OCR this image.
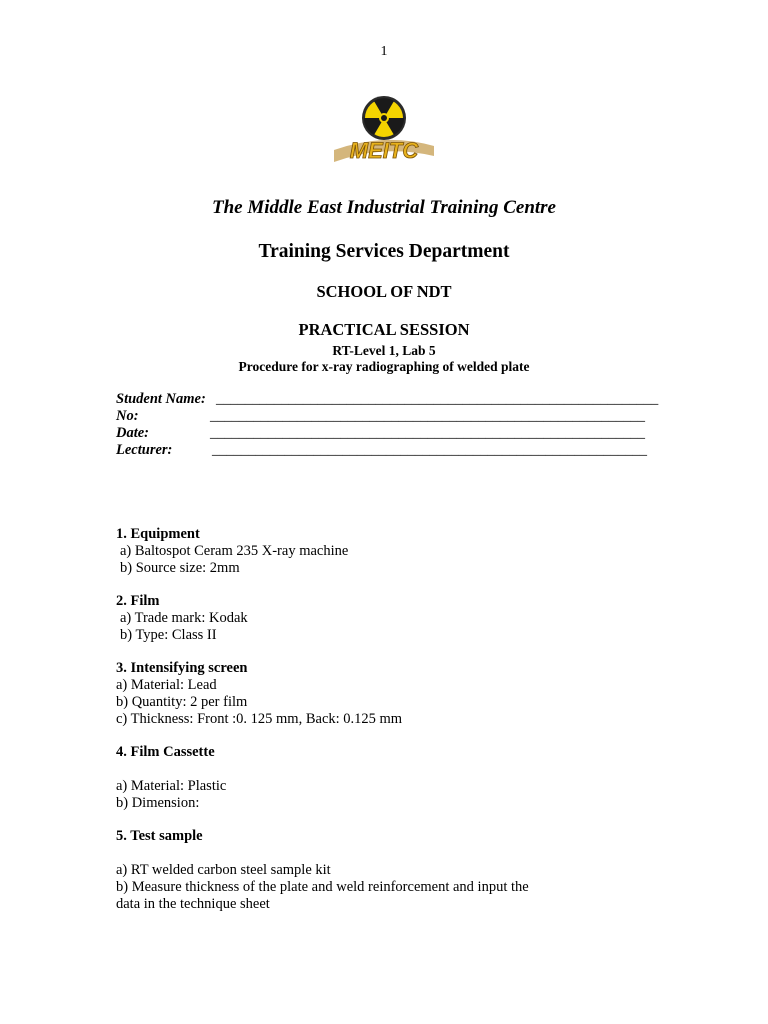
1
MEITC
The Middle East Industrial Training Centre
Training Services Department
SCHOOL OF NDT
PRACTICAL SESSION
RT-Level 1, Lab 5
Procedure for x-ray radiographing of welded plate
Student Name: _____________________________________________________________
No:	____________________________________________________________
Date:	____________________________________________________________
Lecturer:	____________________________________________________________
1. Equipment
a) Baltospot Ceram 235 X-ray machine
b) Source size: 2mm
2. Film
a) Trade mark: Kodak
b) Type: Class II
3. Intensifying screen
a) Material: Lead
b) Quantity: 2 per film
c) Thickness: Front :0. 125 mm, Back: 0.125 mm
4. Film Cassette
a) Material: Plastic
b) Dimension:
5. Test sample
a) RT welded carbon steel sample kit
b) Measure thickness of the plate and weld reinforcement and input the
data in the technique sheet
